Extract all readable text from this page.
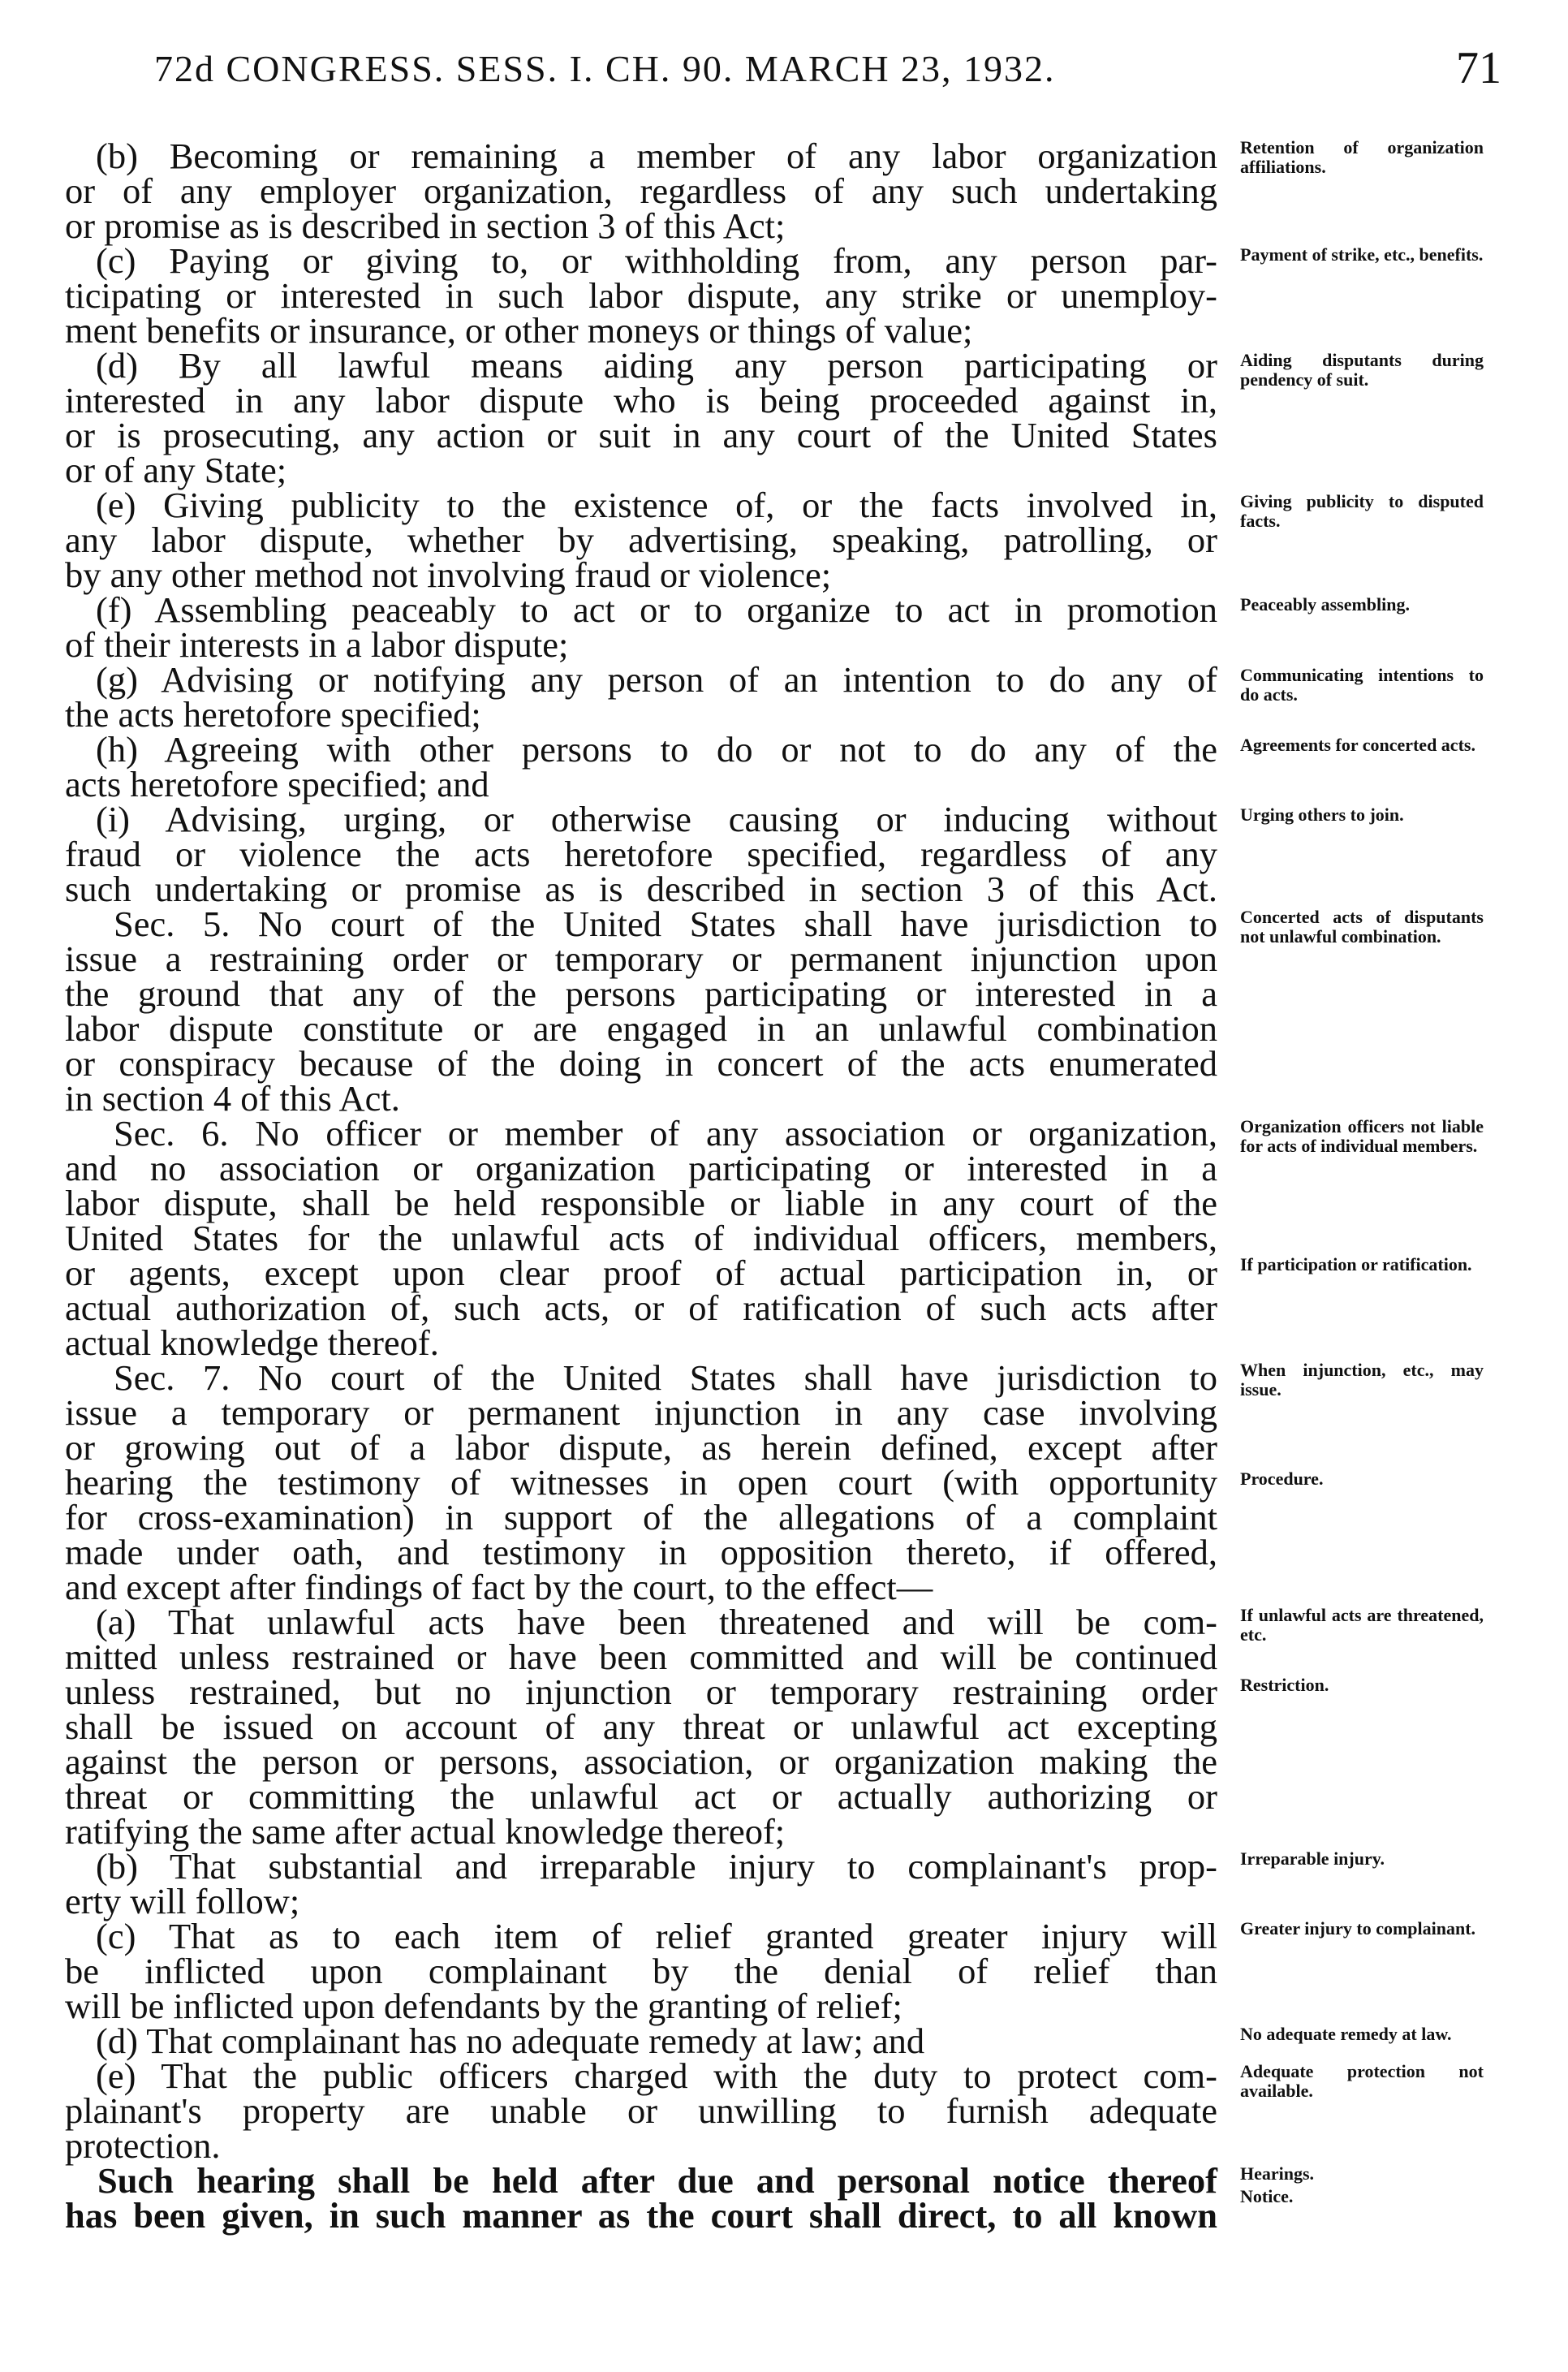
72d CONGRESS. SESS. I. CH. 90. MARCH 23, 1932.	71
(b) Becoming or remaining a member of any labor organization
or of any employer organization, regardless of any such undertaking
or promise as is described in section 3 of this Act;
(c) Paying or giving to, or withholding from, any person par-
ticipating or interested in such labor dispute, any strike or unemploy-
ment benefits or insurance, or other moneys or things of value;
(d) By all lawful means aiding any person participating or
interested in any labor dispute who is being proceeded against in,
or is prosecuting, any action or suit in any court of the United States
or of any State;
(e) Giving publicity to the existence of, or the facts involved in,
any labor dispute, whether by advertising, speaking, patrolling, or
by any other method not involving fraud or violence;
(f) Assembling peaceably to act or to organize to act in promotion
of their interests in a labor dispute;
(g) Advising or notifying any person of an intention to do any of
the acts heretofore specified;
(h) Agreeing with other persons to do or not to do any of the
acts heretofore specified; and
(i) Advising, urging, or otherwise causing or inducing without
fraud or violence the acts heretofore specified, regardless of any
such undertaking or promise as is described in section 3 of this Act.
Sec. 5. No court of the United States shall have jurisdiction to
issue a restraining order or temporary or permanent injunction upon
the ground that any of the persons participating or interested in a
labor dispute constitute or are engaged in an unlawful combination
or conspiracy because of the doing in concert of the acts enumerated
in section 4 of this Act.
Sec. 6. No officer or member of any association or organization,
and no association or organization participating or interested in a
labor dispute, shall be held responsible or liable in any court of the
United States for the unlawful acts of individual officers, members,
or agents, except upon clear proof of actual participation in, or
actual authorization of, such acts, or of ratification of such acts after
actual knowledge thereof.
Sec. 7. No court of the United States shall have jurisdiction to
issue a temporary or permanent injunction in any case involving
or growing out of a labor dispute, as herein defined, except after
hearing the testimony of witnesses in open court (with opportunity
for cross-examination) in support of the allegations of a complaint
made under oath, and testimony in opposition thereto, if offered,
and except after findings of fact by the court, to the effect—
(a) That unlawful acts have been threatened and will be com-
mitted unless restrained or have been committed and will be continued
unless restrained, but no injunction or temporary restraining order
shall be issued on account of any threat or unlawful act excepting
against the person or persons, association, or organization making the
threat or committing the unlawful act or actually authorizing or
ratifying the same after actual knowledge thereof;
(b) That substantial and irreparable injury to complainant's prop-
erty will follow;
(c) That as to each item of relief granted greater injury will
be inflicted upon complainant by the denial of relief than
will be inflicted upon defendants by the granting of relief;
(d) That complainant has no adequate remedy at law; and
(e) That the public officers charged with the duty to protect com-
plainant's property are unable or unwilling to furnish adequate
protection.
Such hearing shall be held after due and personal notice thereof
has been given, in such manner as the court shall direct, to all known
Retention of organization affiliations.
Payment of strike, etc., benefits.
Aiding disputants during pendency of suit.
Giving publicity to disputed facts.
Peaceably assembling.
Communicating intentions to do acts.
Agreements for concerted acts.
Urging others to join.
Concerted acts of disputants not unlawful combination.
Organization officers not liable for acts of individual members.
If participation or ratification.
When injunction, etc., may issue.
Procedure.
If unlawful acts are threatened, etc.
Restriction.
Irreparable injury.
Greater injury to complainant.
No adequate remedy at law.
Adequate protection not available.
Hearings.
Notice.
